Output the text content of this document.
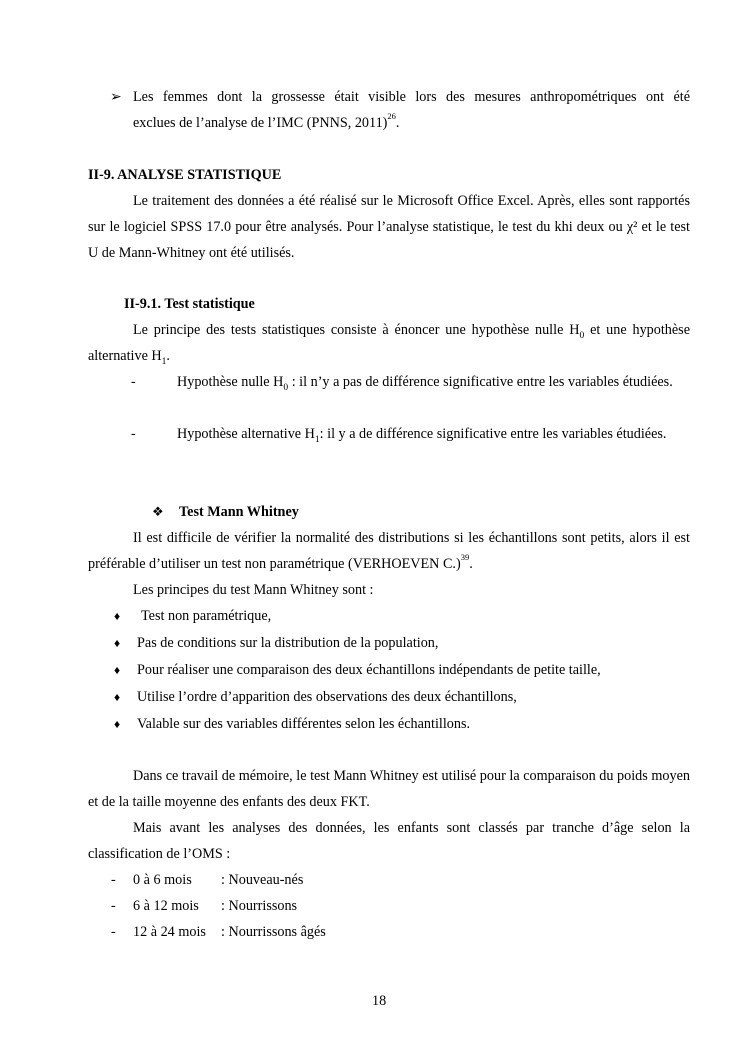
➢ Les femmes dont la grossesse était visible lors des mesures anthropométriques ont été
exclues de l’analyse de l’IMC (PNNS, 2011)$^{26}$.
II-9. ANALYSE STATISTIQUE
Le traitement des données a été réalisé sur le Microsoft Office Excel. Après, elles sont rapportés sur le logiciel SPSS 17.0 pour être analysés. Pour l’analyse statistique, le test du khi deux ou χ² et le test U de Mann-Whitney ont été utilisés.
II-9.1. Test statistique
Le principe des tests statistiques consiste à énoncer une hypothèse nulle $H_0$ et une hypothèse alternative $H_1$.
-	Hypothèse nulle $H_0$ : il n’y a pas de différence significative entre les variables étudiées.
-	Hypothèse alternative $H_1$: il y a de différence significative entre les variables étudiées.
❖ Test Mann Whitney
Il est difficile de vérifier la normalité des distributions si les échantillons sont petits, alors il est préférable d’utiliser un test non paramétrique (VERHOEVEN C.)$^{39}$.
Les principes du test Mann Whitney sont :
♦ Test non paramétrique,
♦ Pas de conditions sur la distribution de la population,
♦ Pour réaliser une comparaison des deux échantillons indépendants de petite taille,
♦ Utilise l’ordre d’apparition des observations des deux échantillons,
♦ Valable sur des variables différentes selon les échantillons.
Dans ce travail de mémoire, le test Mann Whitney est utilisé pour la comparaison du poids moyen et de la taille moyenne des enfants des deux FKT.
Mais avant les analyses des données, les enfants sont classés par tranche d’âge selon la classification de l’OMS :
- 0 à 6 mois : Nouveau-nés
- 6 à 12 mois : Nourrissons
- 12 à 24 mois : Nourrissons âgés
18
